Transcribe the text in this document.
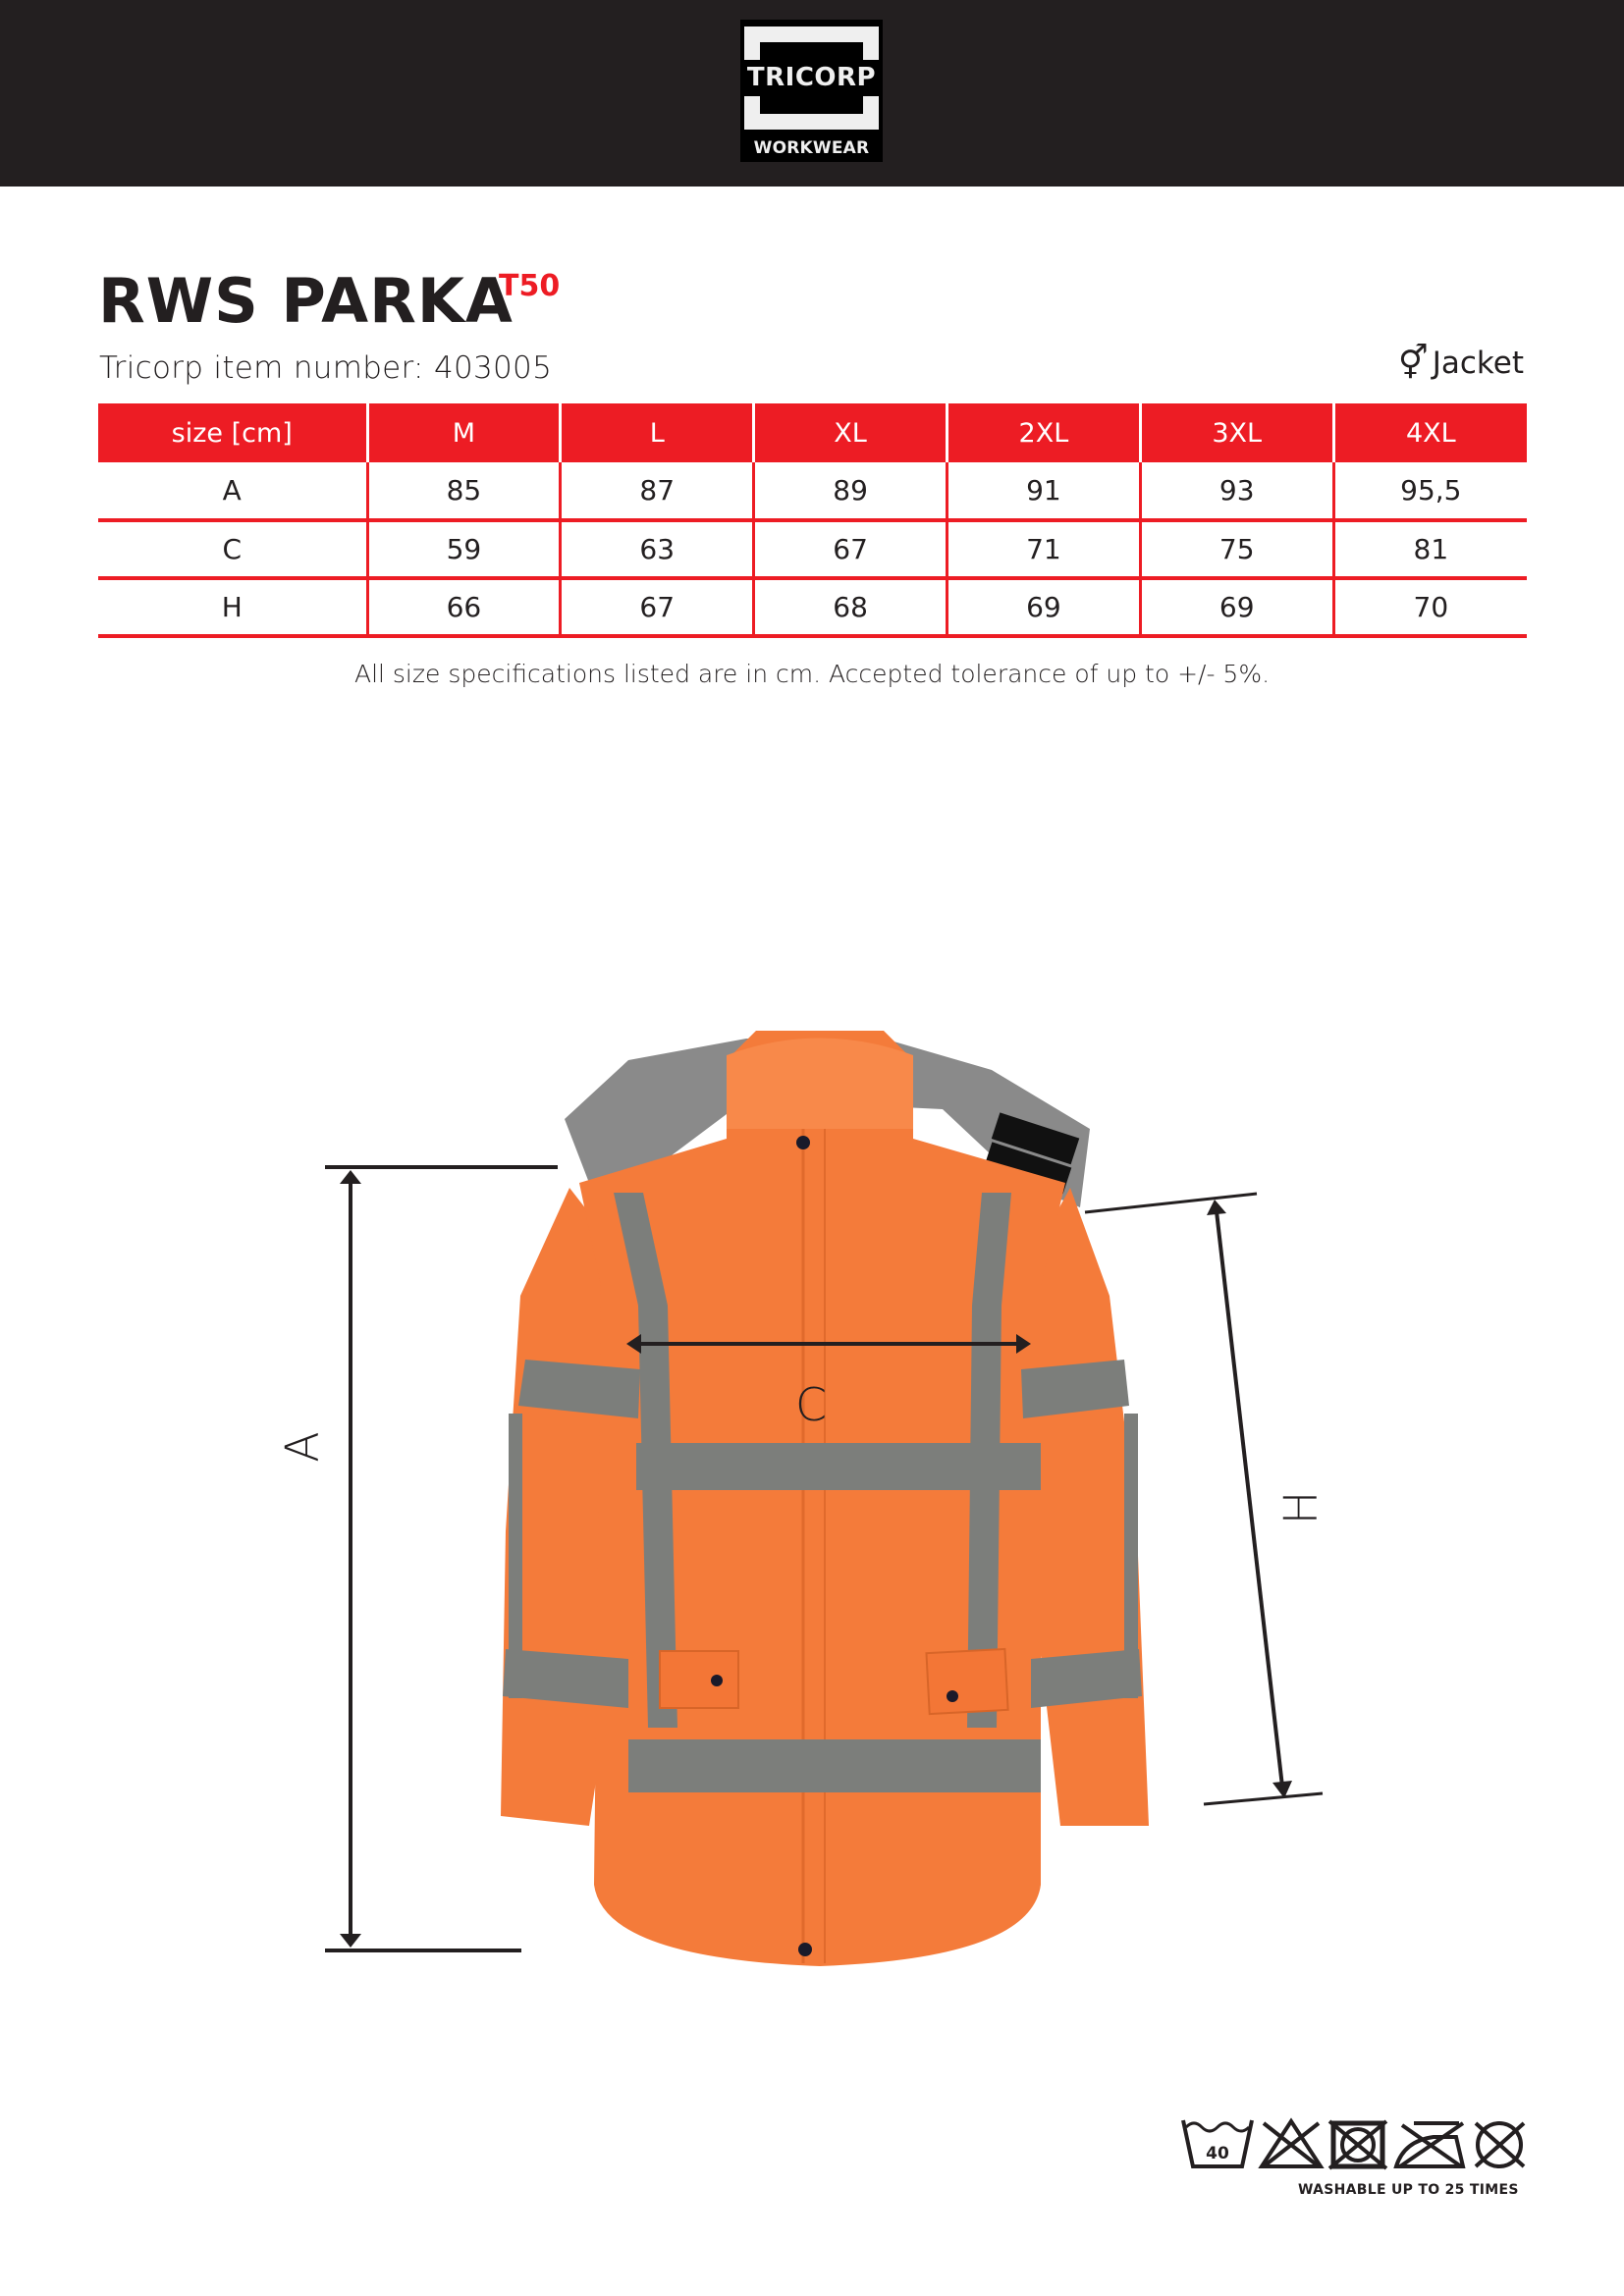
TRICORP
WORKWEAR
RWS PARKA
T50
Tricorp item number: 403005	⚥ Jacket
size [cm]	M	L	XL	2XL	3XL	4XL
A	85	87	89	91	93	95,5
C	59	63	67	71	75	81
H	66	67	68	69	69	70
All size specifications listed are in cm. Accepted tolerance of up to +/- 5%.
A
C
H
40
WASHABLE UP TO 25 TIMES
